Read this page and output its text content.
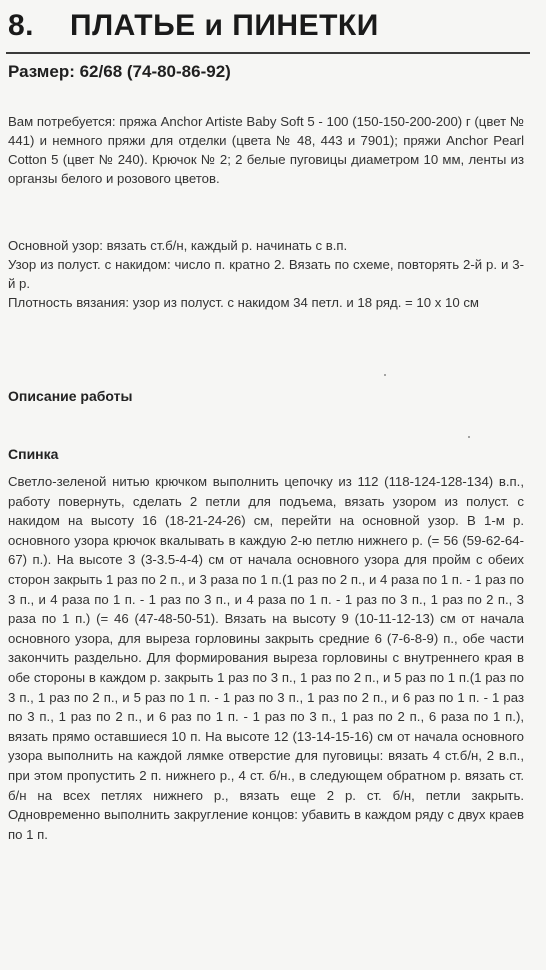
8.	ПЛАТЬЕ и ПИНЕТКИ
Размер: 62/68 (74-80-86-92)
Вам потребуется: пряжа Anchor Artiste Baby Soft 5 - 100 (150-150-200-200) г (цвет № 441) и немного пряжи для отделки (цвета № 48, 443 и 7901); пряжи Anchor Pearl Cotton 5 (цвет № 240). Крючок № 2; 2 белые пуговицы диаметром 10 мм, ленты из органзы белого и розового цветов.
Основной узор: вязать ст.б/н, каждый р. начинать с в.п.
Узор из полуст. с накидом: число п. кратно 2. Вязать по схеме, повторять 2-й р. и 3-й р.
Плотность вязания: узор из полуст. с накидом 34 петл. и 18 ряд. = 10 х 10 см
Описание работы
Спинка
Светло-зеленой нитью крючком выполнить цепочку из 112 (118-124-128-134) в.п., работу повернуть, сделать 2 петли для подъема, вязать узором из полуст. с накидом на высоту 16 (18-21-24-26) см, перейти на основной узор. В 1-м р. основного узора крючок вкалывать в каждую 2-ю петлю нижнего р. (= 56 (59-62-64-67) п.). На высоте 3 (3-3.5-4-4) см от начала основного узора для пройм с обеих сторон закрыть 1 раз по 2 п., и 3 раза по 1 п.(1 раз по 2 п., и 4 раза по 1 п. - 1 раз по 3 п., и 4 раза по 1 п. - 1 раз по 3 п., и 4 раза по 1 п. - 1 раз по 3 п., 1 раз по 2 п., 3 раза по 1 п.) (= 46 (47-48-50-51). Вязать на высоту 9 (10-11-12-13) см от начала основного узора, для выреза горловины закрыть средние 6 (7-6-8-9) п., обе части закончить раздельно. Для формирования выреза горловины с внутреннего края в обе стороны в каждом р. закрыть 1 раз по 3 п., 1 раз по 2 п., и 5 раз по 1 п.(1 раз по 3 п., 1 раз по 2 п., и 5 раз по 1 п. - 1 раз по 3 п., 1 раз по 2 п., и 6 раз по 1 п. - 1 раз по 3 п., 1 раз по 2 п., и 6 раз по 1 п. - 1 раз по 3 п., 1 раз по 2 п., 6 раза по 1 п.), вязать прямо оставшиеся 10 п. На высоте 12 (13-14-15-16) см от начала основного узора выполнить на каждой лямке отверстие для пуговицы: вязать 4 ст.б/н, 2 в.п., при этом пропустить 2 п. нижнего р., 4 ст. б/н., в следующем обратном р. вязать ст. б/н на всех петлях нижнего р., вязать еще 2 р. ст. б/н, петли закрыть. Одновременно выполнить закругление концов: убавить в каждом ряду с двух краев по 1 п.
